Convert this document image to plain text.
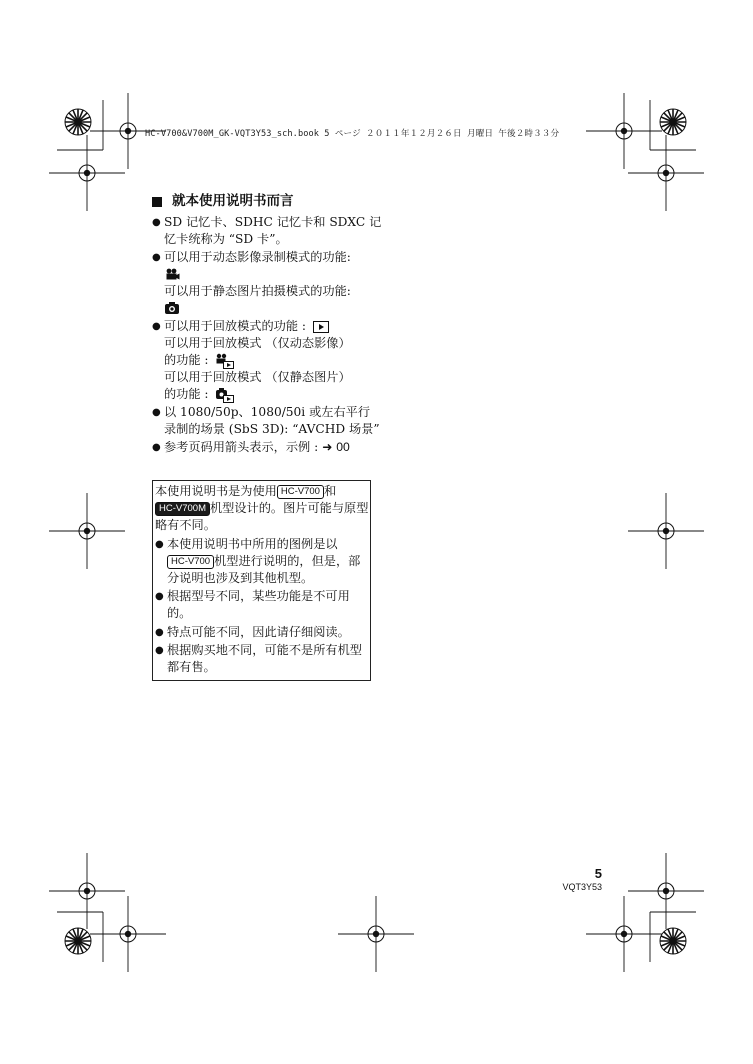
HC-V700&V700M_GK-VQT3Y53_sch.book 5 ページ ２０１１年１２月２６日 月曜日 午後２時３３分
就本使用说明书而言
● SD 记忆卡、SDHC 记忆卡和 SDXC 记忆卡统称为 “SD 卡”。
● 可以用于动态影像录制模式的功能:
可以用于静态图片拍摄模式的功能:
● 可以用于回放模式的功能 :
可以用于回放模式 （仅动态影像）
的功能 :
可以用于回放模式 （仅静态图片）
的功能 :
● 以 1080/50p、1080/50i 或左右平行录制的场景 (SbS 3D): “AVCHD 场景”
● 参考页码用箭头表示，示例 : ➜ 00
本使用说明书是为使用 HC-V700 和 HC-V700M 机型设计的。图片可能与原型略有不同。
● 本使用说明书中所用的图例是以HC-V700 机型进行说明的，但是，部分说明也涉及到其他机型。
● 根据型号不同，某些功能是不可用的。
● 特点可能不同，因此请仔细阅读。
● 根据购买地不同，可能不是所有机型都有售。
5
VQT3Y53
